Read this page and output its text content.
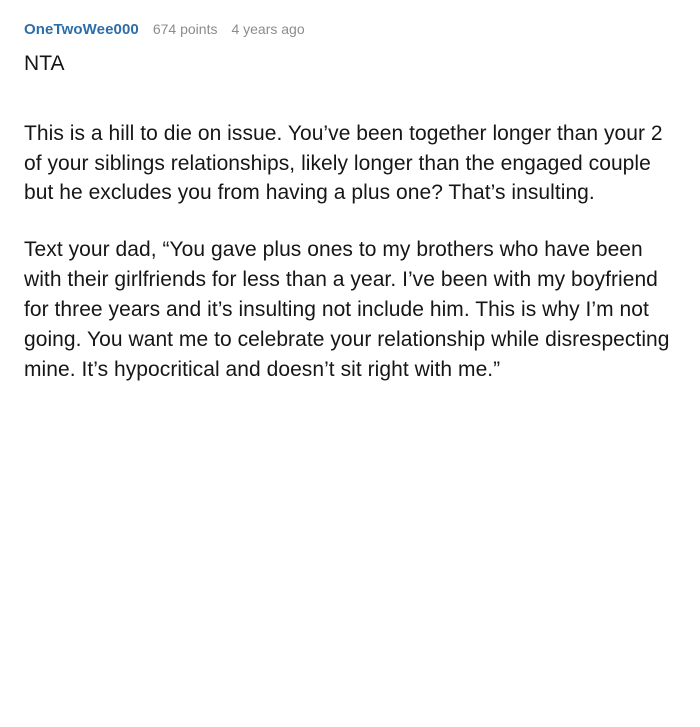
OneTwoWee000 674 points 4 years ago

NTA

This is a hill to die on issue. You’ve been together longer than your 2 of your siblings relationships, likely longer than the engaged couple but he excludes you from having a plus one? That’s insulting.

Text your dad, “You gave plus ones to my brothers who have been with their girlfriends for less than a year. I’ve been with my boyfriend for three years and it’s insulting not include him. This is why I’m not going. You want me to celebrate your relationship while disrespecting mine. It’s hypocritical and doesn’t sit right with me.”
